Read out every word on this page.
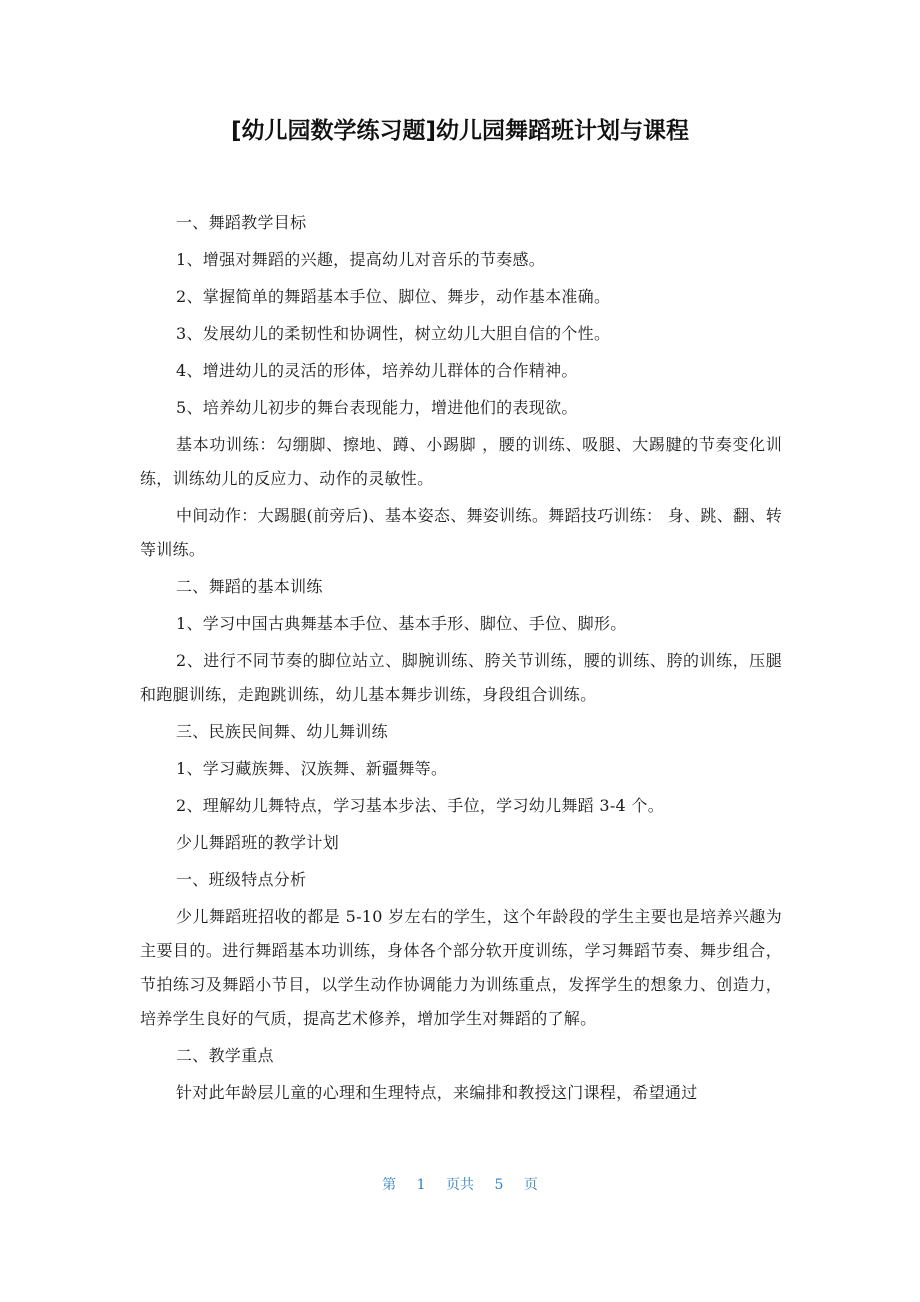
[幼儿园数学练习题]幼儿园舞蹈班计划与课程

一、舞蹈教学目标

1、增强对舞蹈的兴趣，提高幼儿对音乐的节奏感。

2、掌握简单的舞蹈基本手位、脚位、舞步，动作基本准确。

3、发展幼儿的柔韧性和协调性，树立幼儿大胆自信的个性。

4、增进幼儿的灵活的形体，培养幼儿群体的合作精神。

5、培养幼儿初步的舞台表现能力，增进他们的表现欲。

基本功训练：勾绷脚、擦地、蹲、小踢脚 ，腰的训练、吸腿、大踢腱的节奏变化训练，训练幼儿的反应力、动作的灵敏性。

中间动作：大踢腿(前旁后)、基本姿态、舞姿训练。舞蹈技巧训练： 身、跳、翻、转等训练。

二、舞蹈的基本训练

1、学习中国古典舞基本手位、基本手形、脚位、手位、脚形。

2、进行不同节奏的脚位站立、脚腕训练、胯关节训练，腰的训练、胯的训练，压腿和跑腿训练，走跑跳训练，幼儿基本舞步训练，身段组合训练。

三、民族民间舞、幼儿舞训练

1、学习藏族舞、汉族舞、新疆舞等。

2、理解幼儿舞特点，学习基本步法、手位，学习幼儿舞蹈 3-4 个。

少儿舞蹈班的教学计划

一、班级特点分析

少儿舞蹈班招收的都是 5-10 岁左右的学生，这个年龄段的学生主要也是培养兴趣为主要目的。进行舞蹈基本功训练，身体各个部分软开度训练，学习舞蹈节奏、舞步组合，节拍练习及舞蹈小节目，以学生动作协调能力为训练重点，发挥学生的想象力、创造力，培养学生良好的气质，提高艺术修养，增加学生对舞蹈的了解。

二、教学重点

针对此年龄层儿童的心理和生理特点，来编排和教授这门课程，希望通过

第 1 页共 5 页
